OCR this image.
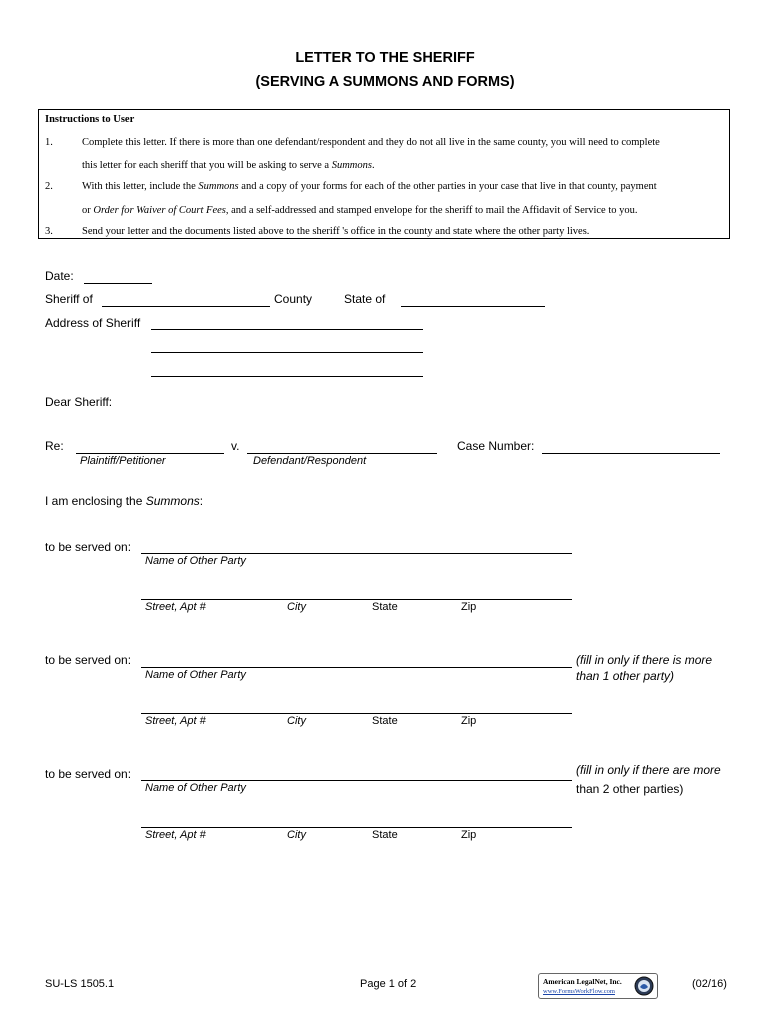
LETTER TO THE SHERIFF
(SERVING A SUMMONS AND FORMS)
Instructions to User
1.	Complete this letter. If there is more than one defendant/respondent and they do not all live in the same county, you will need to complete
this letter for each sheriff that you will be asking to serve a Summons.
2.	With this letter, include the Summons and a copy of your forms for each of the other parties in your case that live in that county, payment
or Order for Waiver of Court Fees, and a self-addressed and stamped envelope for the sheriff to mail the Affidavit of Service to you.
3.	Send your letter and the documents listed above to the sheriff 's office in the county and state where the other party lives.
Date:
Sheriff of	County	State of
Address of Sheriff
Dear Sheriff:
Re:	v.	Case Number:
Plaintiff/Petitioner	Defendant/Respondent
I am enclosing the Summons:
to be served on:
Name of Other Party
Street, Apt #	City	State	Zip
to be served on:
Name of Other Party
(fill in only if there is more
than 1 other party)
Street, Apt #	City	State	Zip
to be served on:
Name of Other Party
(fill in only if there are more
than 2 other parties)
Street, Apt #	City	State	Zip
SU-LS 1505.1	Page 1 of 2	American LegalNet, Inc.
www.FormsWorkFlow.com
(02/16)
